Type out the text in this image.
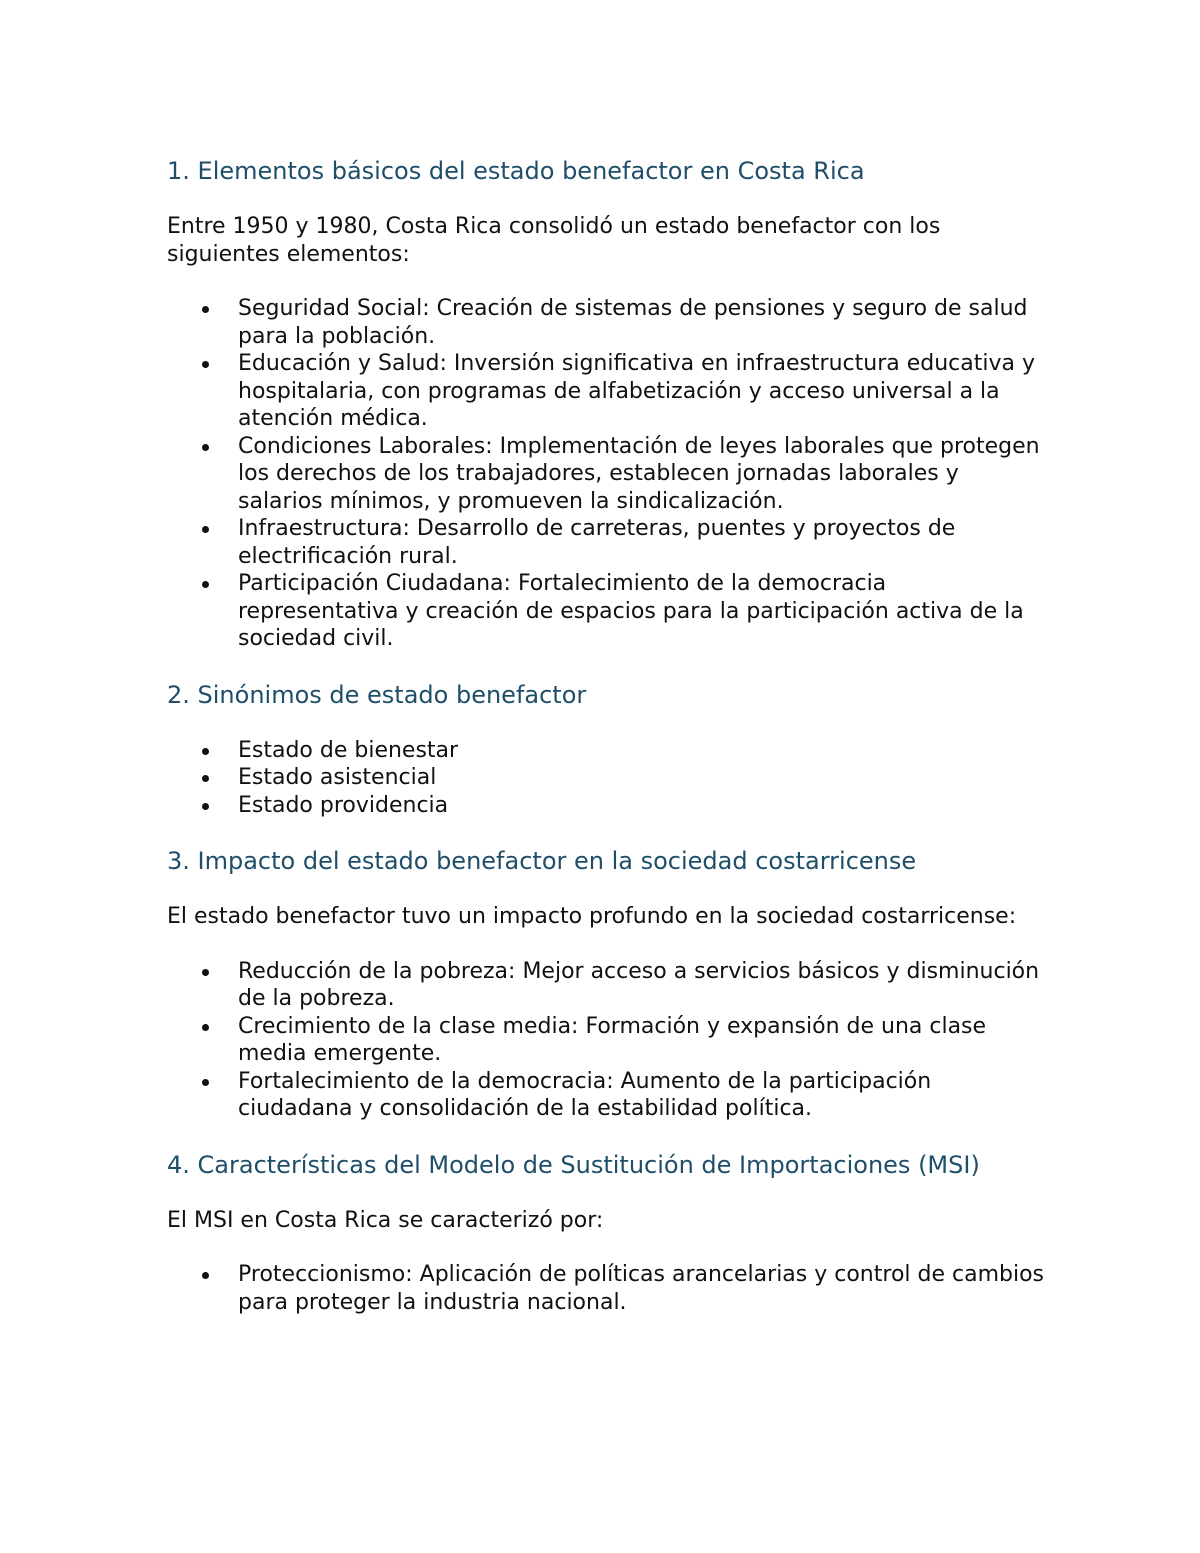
1. Elementos básicos del estado benefactor en Costa Rica

Entre 1950 y 1980, Costa Rica consolidó un estado benefactor con los siguientes elementos:

Seguridad Social: Creación de sistemas de pensiones y seguro de salud para la población.
Educación y Salud: Inversión significativa en infraestructura educativa y hospitalaria, con programas de alfabetización y acceso universal a la atención médica.
Condiciones Laborales: Implementación de leyes laborales que protegen los derechos de los trabajadores, establecen jornadas laborales y salarios mínimos, y promueven la sindicalización.
Infraestructura: Desarrollo de carreteras, puentes y proyectos de electrificación rural.
Participación Ciudadana: Fortalecimiento de la democracia representativa y creación de espacios para la participación activa de la sociedad civil.
2. Sinónimos de estado benefactor
Estado de bienestar
Estado asistencial
Estado providencia
3. Impacto del estado benefactor en la sociedad costarricense

El estado benefactor tuvo un impacto profundo en la sociedad costarricense:

Reducción de la pobreza: Mejor acceso a servicios básicos y disminución de la pobreza.
Crecimiento de la clase media: Formación y expansión de una clase media emergente.
Fortalecimiento de la democracia: Aumento de la participación ciudadana y consolidación de la estabilidad política.
4. Características del Modelo de Sustitución de Importaciones (MSI)

El MSI en Costa Rica se caracterizó por:

Proteccionismo: Aplicación de políticas arancelarias y control de cambios para proteger la industria nacional.
